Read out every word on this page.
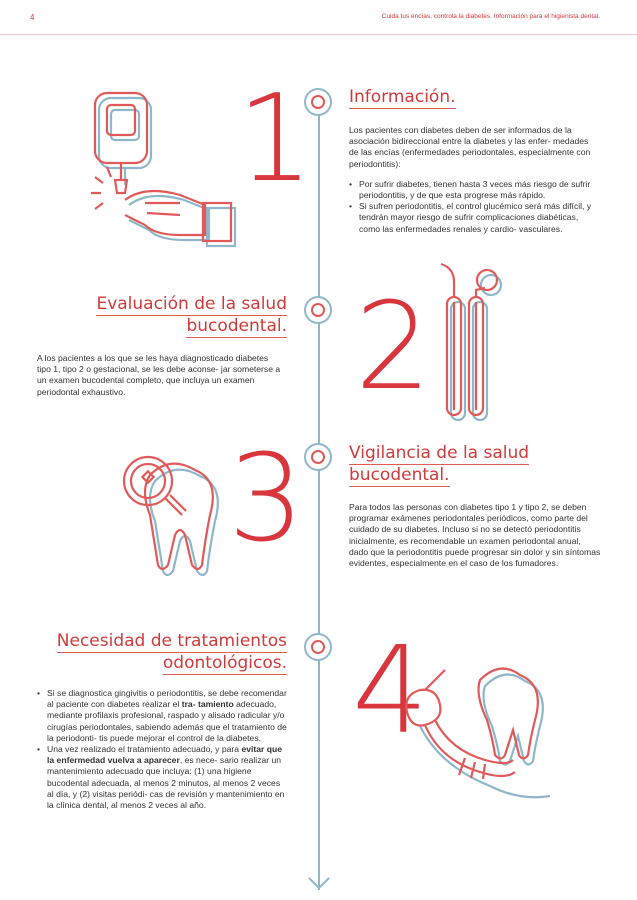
4	Cuida tus encías, controla la diabetes. Información para el higienista dental.
1 Información.

Los pacientes con diabetes deben de ser informados de la asociación bidireccional entre la diabetes y las enfer- medades de las encías (enfermedades periodontales, especialmente con periodontitis):

• Por sufrir diabetes, tienen hasta 3 veces más riesgo de sufrir periodontitis, y de que esta progrese más rápido.
• Si sufren periodontitis, el control glucémico será más difícil, y tendrán mayor riesgo de sufrir complicaciones diabéticas, como las enfermedades renales y cardio- vasculares.
Evaluación de la salud
bucodental.
A los pacientes a los que se les haya diagnosticado diabetes tipo 1, tipo 2 o gestacional, se les debe aconse- jar someterse a un examen bucodental completo, que incluya un examen periodontal exhaustivo.	2
3	Vigilancia de la salud
bucodental.
Para todos las personas con diabetes tipo 1 y tipo 2, se deben programar exámenes periodontales periódicos, como parte del cuidado de su diabetes. Incluso si no se detectó periodontitis inicialmente, es recomendable un examen periodontal anual, dado que la periodontitis puede progresar sin dolor y sin síntomas evidentes, especialmente en el caso de los fumadores.
Necesidad de tratamientos
odontológicos.
• Si se diagnostica gingivitis o periodontitis, se debe recomendar al paciente con diabetes realizar el tra- tamiento adecuado, mediante profilaxis profesional, raspado y alisado radicular y/o cirugías periodontales, sabiendo además que el tratamiento de la periodonti- tis puede mejorar el control de la diabetes.
• Una vez realizado el tratamiento adecuado, y para evitar que la enfermedad vuelva a aparecer, es nece- sario realizar un mantenimiento adecuado que incluya: (1) una higiene bucodental adecuada, al menos 2 minutos, al menos 2 veces al día, y (2) visitas periódi- cas de revisión y mantenimiento en la clínica dental, al menos 2 veces al año.
4
